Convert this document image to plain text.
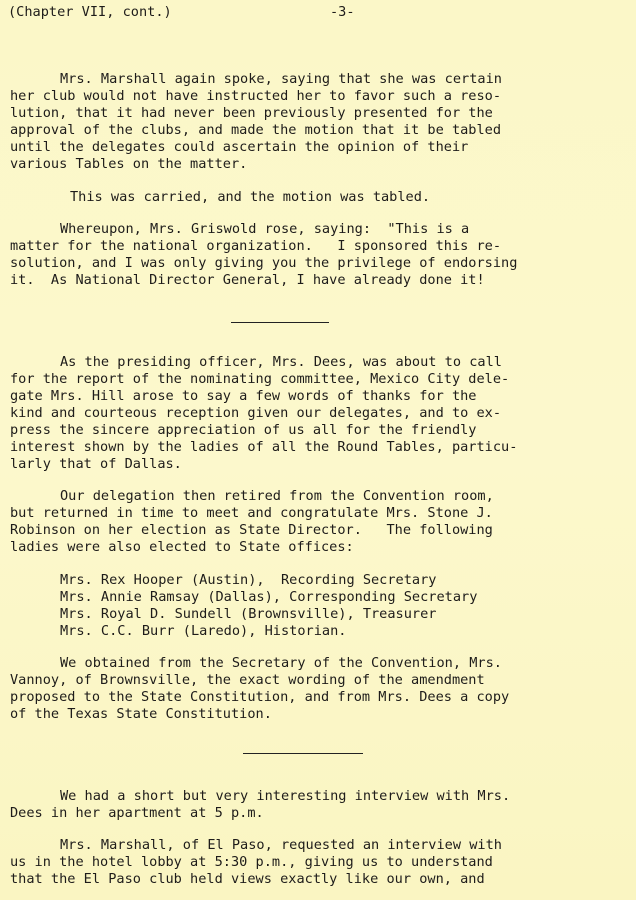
(Chapter VII, cont.)	-3-
Mrs. Marshall again spoke, saying that she was certain
her club would not have instructed her to favor such a reso-
lution, that it had never been previously presented for the
approval of the clubs, and made the motion that it be tabled
until the delegates could ascertain the opinion of their
various Tables on the matter.
This was carried, and the motion was tabled.
Whereupon, Mrs. Griswold rose, saying:  "This is a
matter for the national organization.   I sponsored this re-
solution, and I was only giving you the privilege of endorsing
it.  As National Director General, I have already done it!
As the presiding officer, Mrs. Dees, was about to call
for the report of the nominating committee, Mexico City dele-
gate Mrs. Hill arose to say a few words of thanks for the
kind and courteous reception given our delegates, and to ex-
press the sincere appreciation of us all for the friendly
interest shown by the ladies of all the Round Tables, particu-
larly that of Dallas.
Our delegation then retired from the Convention room,
but returned in time to meet and congratulate Mrs. Stone J.
Robinson on her election as State Director.   The following
ladies were also elected to State offices:
Mrs. Rex Hooper (Austin),  Recording Secretary
Mrs. Annie Ramsay (Dallas), Corresponding Secretary
Mrs. Royal D. Sundell (Brownsville), Treasurer
Mrs. C.C. Burr (Laredo), Historian.
We obtained from the Secretary of the Convention, Mrs.
Vannoy, of Brownsville, the exact wording of the amendment
proposed to the State Constitution, and from Mrs. Dees a copy
of the Texas State Constitution.
We had a short but very interesting interview with Mrs.
Dees in her apartment at 5 p.m.
Mrs. Marshall, of El Paso, requested an interview with
us in the hotel lobby at 5:30 p.m., giving us to understand
that the El Paso club held views exactly like our own, and
